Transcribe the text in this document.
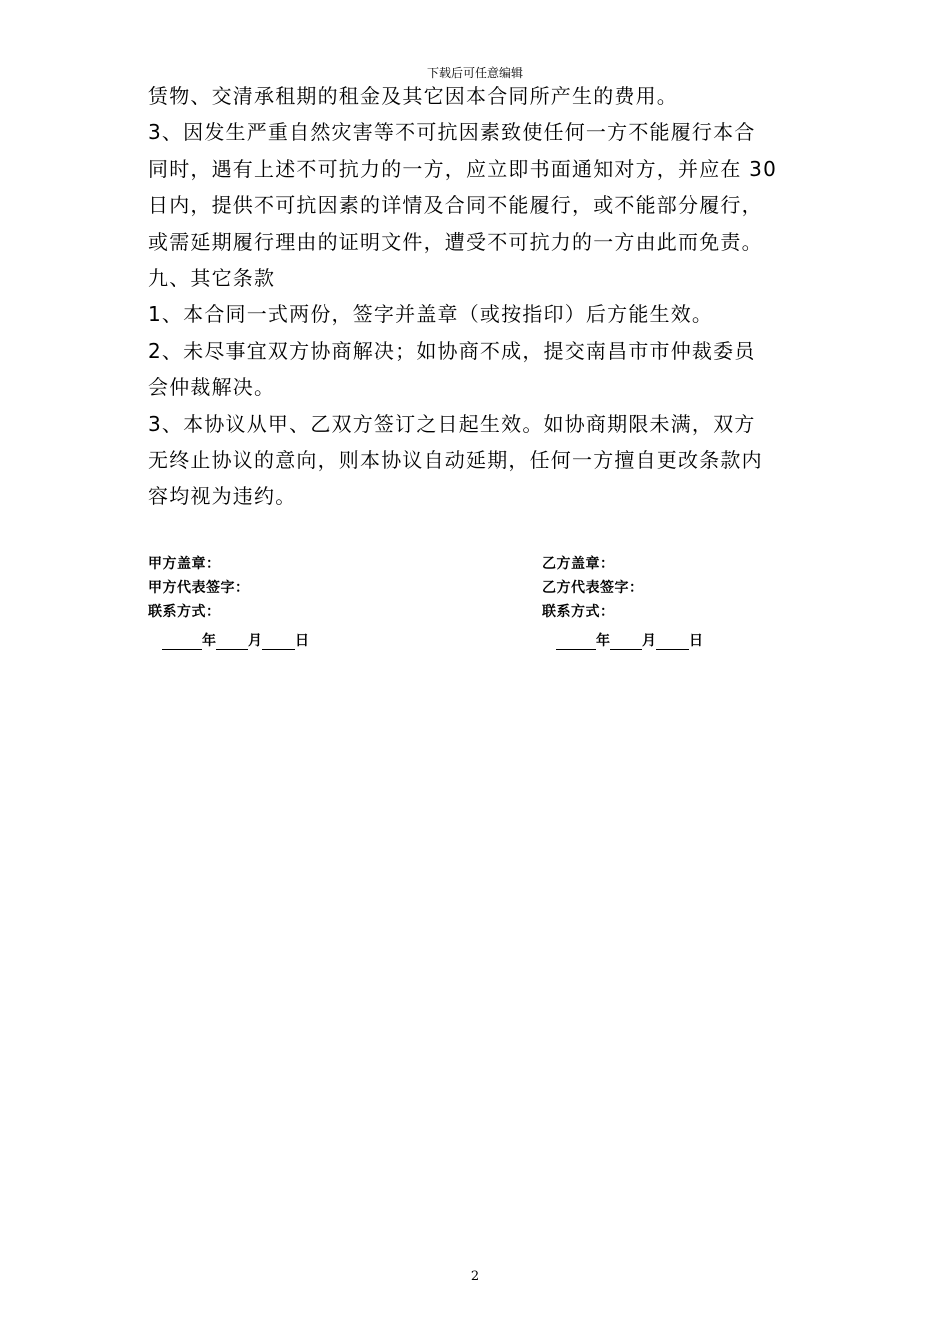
下载后可任意编辑
赁物、交清承租期的租金及其它因本合同所产生的费用。
3、因发生严重自然灾害等不可抗因素致使任何一方不能履行本合
同时，遇有上述不可抗力的一方，应立即书面通知对方，并应在 30
日内，提供不可抗因素的详情及合同不能履行，或不能部分履行，
或需延期履行理由的证明文件，遭受不可抗力的一方由此而免责。
九、其它条款
1、本合同一式两份，签字并盖章（或按指印）后方能生效。
2、未尽事宜双方协商解决；如协商不成，提交南昌市市仲裁委员
会仲裁解决。
3、本协议从甲、乙双方签订之日起生效。如协商期限未满，双方
无终止协议的意向，则本协议自动延期，任何一方擅自更改条款内
容均视为违约。
甲方盖章：
甲方代表签字：
联系方式：
年 月 日
乙方盖章：
乙方代表签字：
联系方式：
年 月 日
2
